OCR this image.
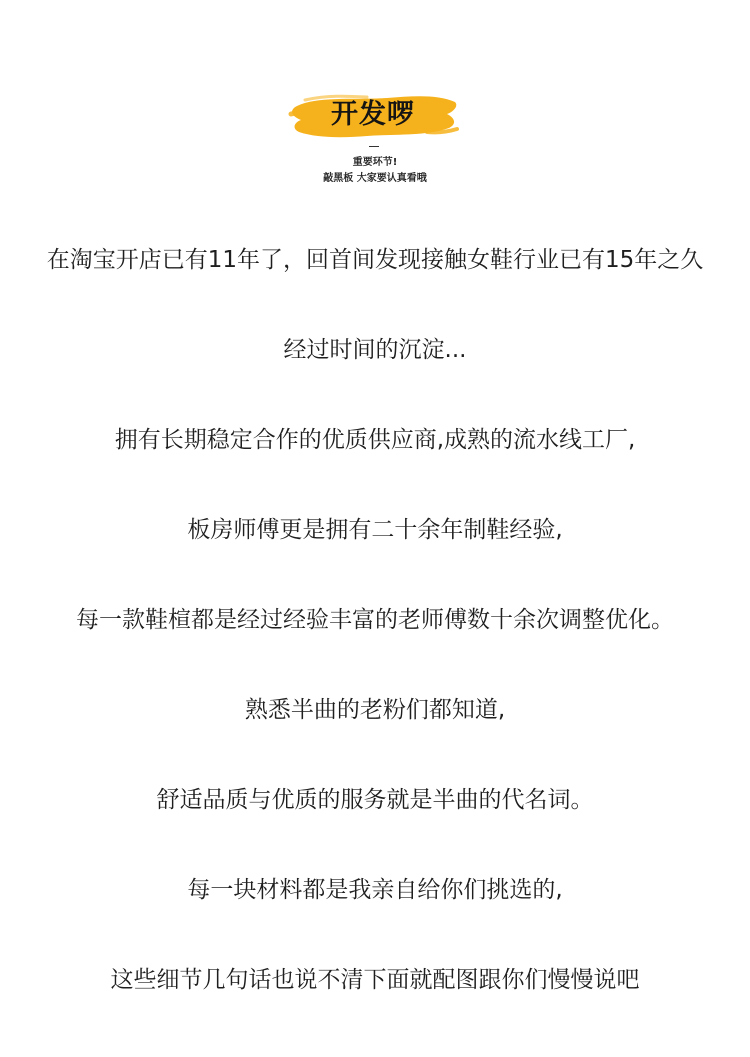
开发啰
重要环节!
敲黑板 大家要认真看哦
在淘宝开店已有11年了，回首间发现接触女鞋行业已有15年之久
经过时间的沉淀...
拥有长期稳定合作的优质供应商,成熟的流水线工厂,
板房师傅更是拥有二十余年制鞋经验,
每一款鞋楦都是经过经验丰富的老师傅数十余次调整优化。
熟悉半曲的老粉们都知道,
舒适品质与优质的服务就是半曲的代名词。
每一块材料都是我亲自给你们挑选的,
这些细节几句话也说不清下面就配图跟你们慢慢说吧
